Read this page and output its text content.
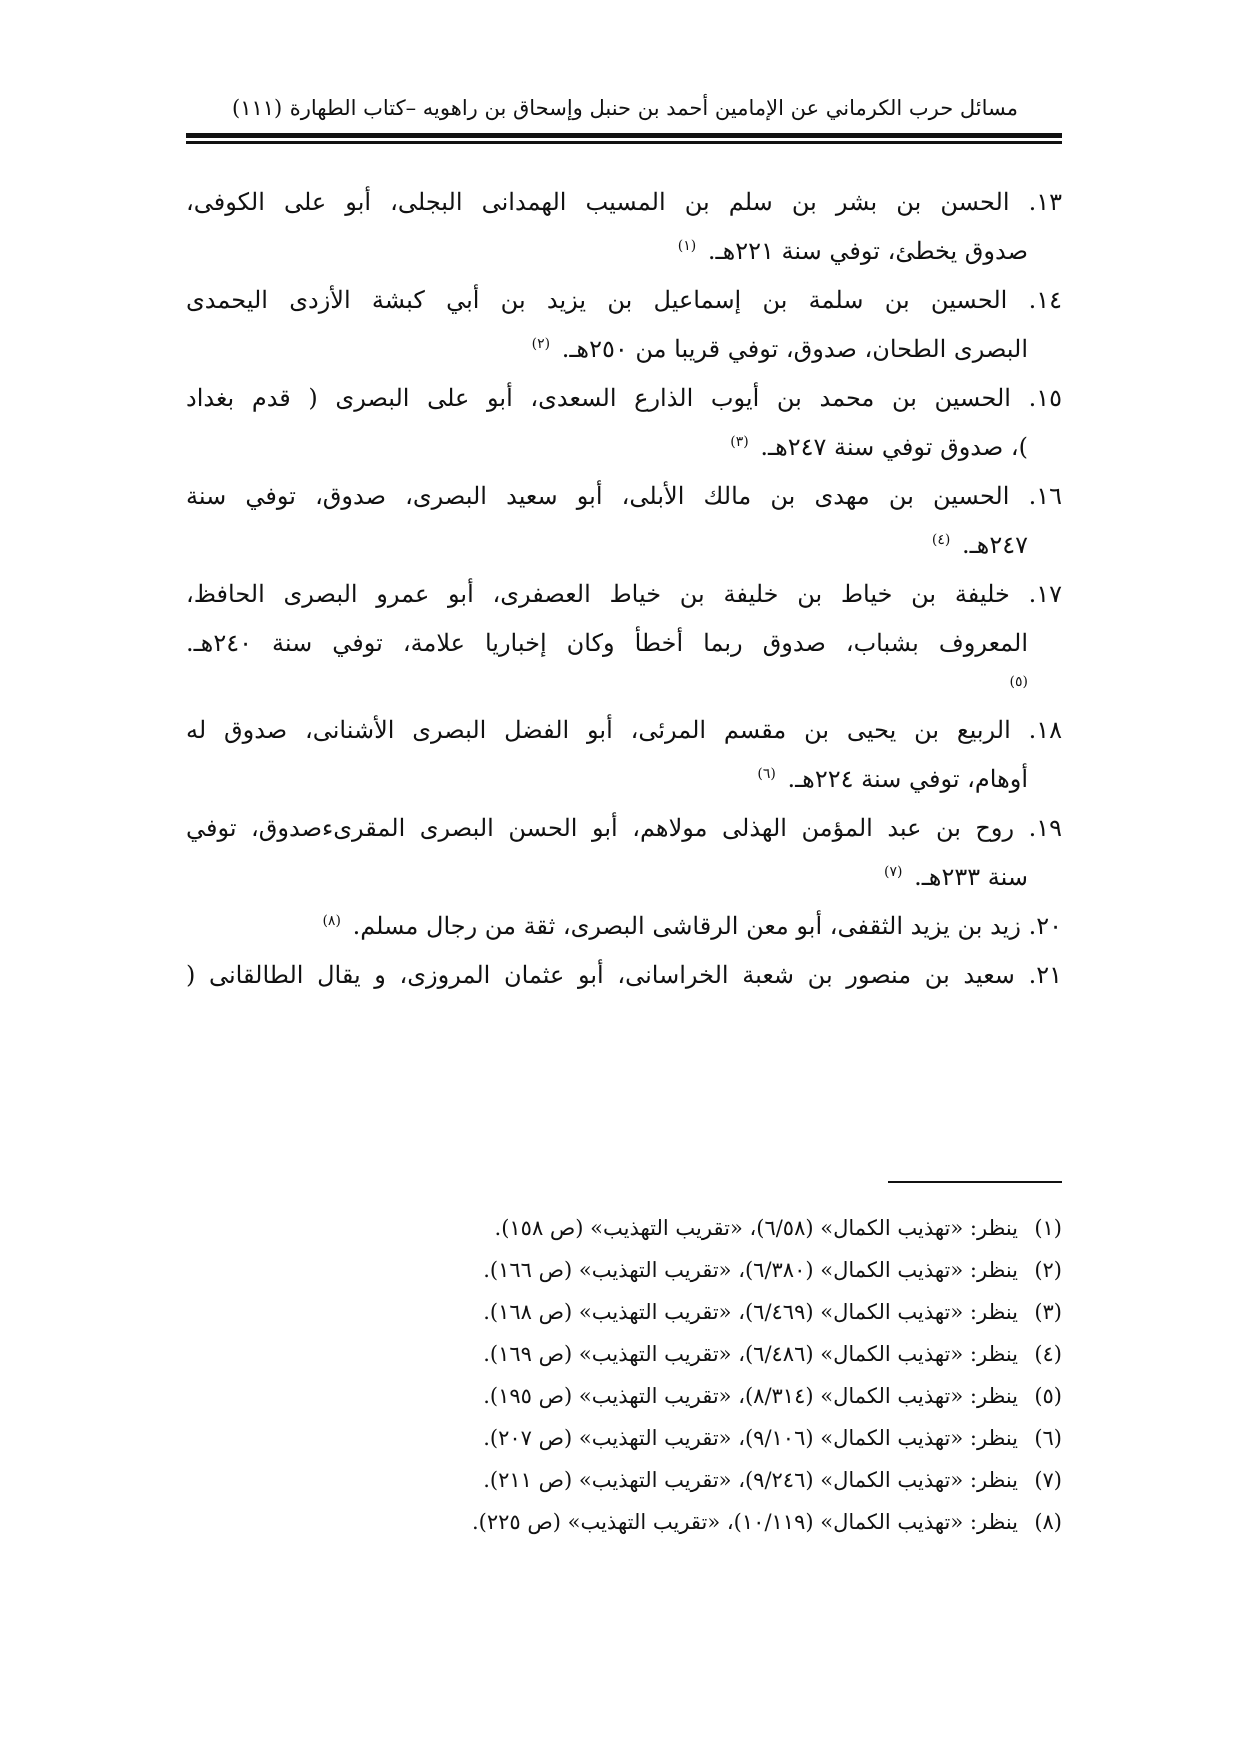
مسائل حرب الكرماني عن الإمامين أحمد بن حنبل وإسحاق بن راهويه –كتاب الطهارة
(١١١)

١٣. الحسن بن بشر بن سلم بن المسيب الهمدانى البجلى، أبو على الكوفى،
صدوق يخطئ، توفي سنة ٢٢١هـ. $^{(١)}$

١٤. الحسين بن سلمة بن إسماعيل بن يزيد بن أبي كبشة الأزدى اليحمدى
البصرى الطحان، صدوق، توفي قريبا من ٢٥٠هـ. $^{(٢)}$

١٥. الحسين بن محمد بن أيوب الذارع السعدى، أبو على البصرى ( قدم بغداد
)، صدوق توفي سنة ٢٤٧هـ. $^{(٣)}$

١٦. الحسين بن مهدى بن مالك الأبلى، أبو سعيد البصرى، صدوق، توفي سنة
٢٤٧هـ. $^{(٤)}$

١٧. خليفة بن خياط بن خليفة بن خياط العصفرى، أبو عمرو البصرى الحافظ،
المعروف بشباب، صدوق ربما أخطأ وكان إخباريا علامة، توفي سنة ٢٤٠هـ.
(٥)

١٨. الربيع بن يحيى بن مقسم المرئى، أبو الفضل البصرى الأشنانى، صدوق له
أوهام، توفي سنة ٢٢٤هـ. $^{(٦)}$

١٩. روح بن عبد المؤمن الهذلى مولاهم، أبو الحسن البصرى المقرىءصدوق، توفي
سنة ٢٣٣هـ. $^{(٧)}$

٢٠. زيد بن يزيد الثقفى، أبو معن الرقاشى البصرى، ثقة من رجال مسلم. $^{(٨)}$

٢١. سعيد بن منصور بن شعبة الخراسانى، أبو عثمان المروزى، و يقال الطالقانى (

(١)ينظر: «تهذيب الكمال» (٦/٥٨)، «تقريب التهذيب» (ص ١٥٨).
(٢)ينظر: «تهذيب الكمال» (٦/٣٨٠)، «تقريب التهذيب» (ص ١٦٦).
(٣)ينظر: «تهذيب الكمال» (٦/٤٦٩)، «تقريب التهذيب» (ص ١٦٨).
(٤)ينظر: «تهذيب الكمال» (٦/٤٨٦)، «تقريب التهذيب» (ص ١٦٩).
(٥)ينظر: «تهذيب الكمال» (٨/٣١٤)، «تقريب التهذيب» (ص ١٩٥).
(٦)ينظر: «تهذيب الكمال» (٩/١٠٦)، «تقريب التهذيب» (ص ٢٠٧).
(٧)ينظر: «تهذيب الكمال» (٩/٢٤٦)، «تقريب التهذيب» (ص ٢١١).
(٨)ينظر: «تهذيب الكمال» (١٠/١١٩)، «تقريب التهذيب» (ص ٢٢٥).
